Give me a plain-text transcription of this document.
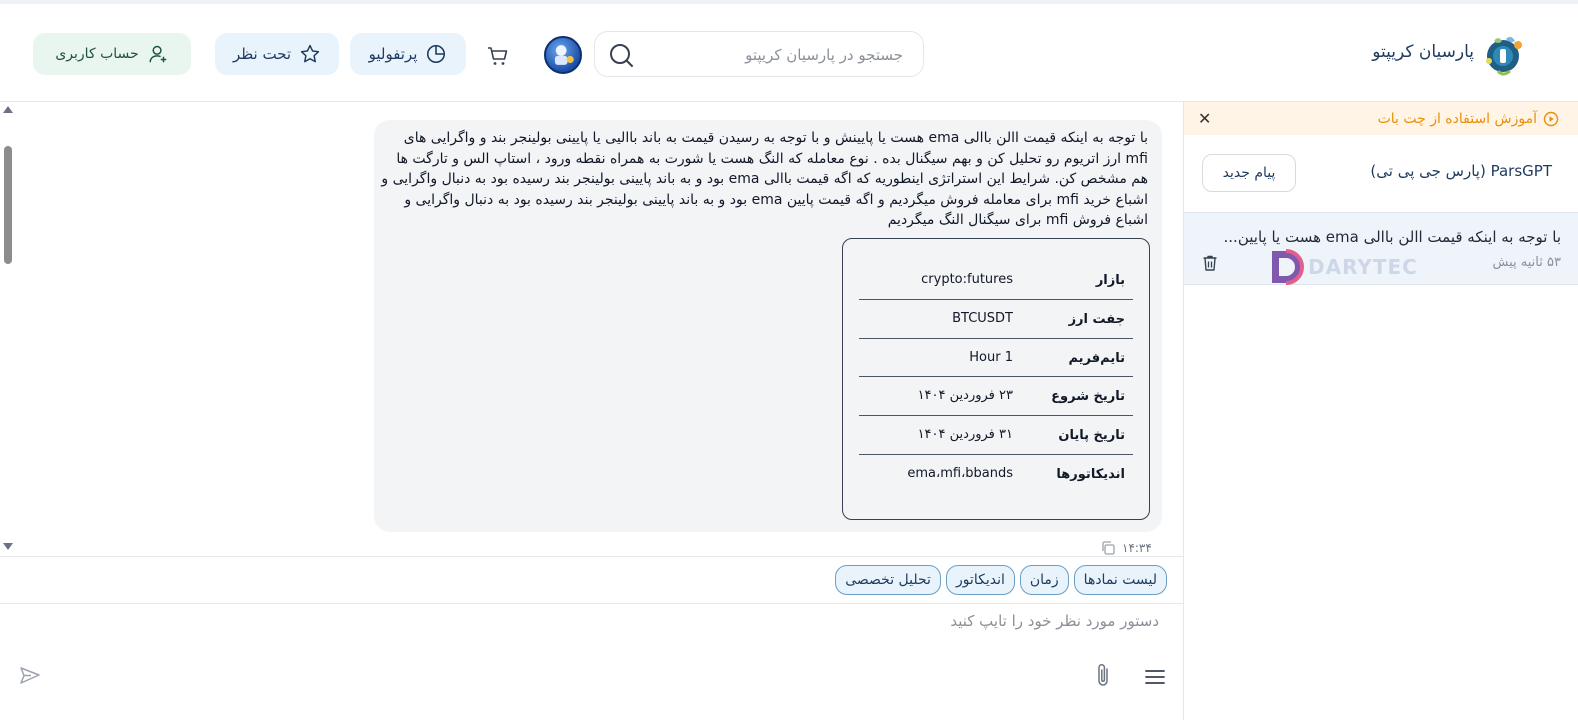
پارسیان کریپتو
جستجو در پارسیان کریپتو
پرتفولیو
تحت نظر
حساب کاربری
با توجه به اینکه قیمت االن باالی ema هست یا پایینش و با توجه به رسیدن قیمت به باند باالیی یا پایینی بولینجر بند و واگرایی های mfi ارز اتریوم رو تحلیل کن و بهم سیگنال بده . نوع معامله که النگ هست یا شورت به همراه نقطه ورود ، استاپ الس و تارگت ها هم مشخص کن. شرایط این استراتژی اینطوریه که اگه قیمت باالی ema بود و به باند پایینی بولینجر بند رسیده بود به دنبال واگرایی و اشباع خرید mfi برای معامله فروش میگردیم و اگه قیمت پایین ema بود و به باند پایینی بولینجر بند رسیده بود به دنبال واگرایی و اشباع فروش mfi برای سیگنال النگ میگردیم
بازار
crypto:futures
جفت ارز
BTCUSDT
تایم‌فریم
1 Hour
تاریخ شروع
۲۳ فروردین ۱۴۰۴
تاریخ پایان
۳۱ فروردین ۱۴۰۴
اندیکاتورها
ema،mfi،bbands
۱۴:۳۴
لیست نمادها
زمان
اندیکاتور
تحلیل تخصصی
دستور مورد نظر خود را تایپ کنید
✕	آموزش استفاده از چت بات
ParsGPT (پارس جی پی تی)
پیام جدید
با توجه به اینکه قیمت االن باالی ema هست یا پایین...
۵۳ ثانیه پیش
DARYTEC
